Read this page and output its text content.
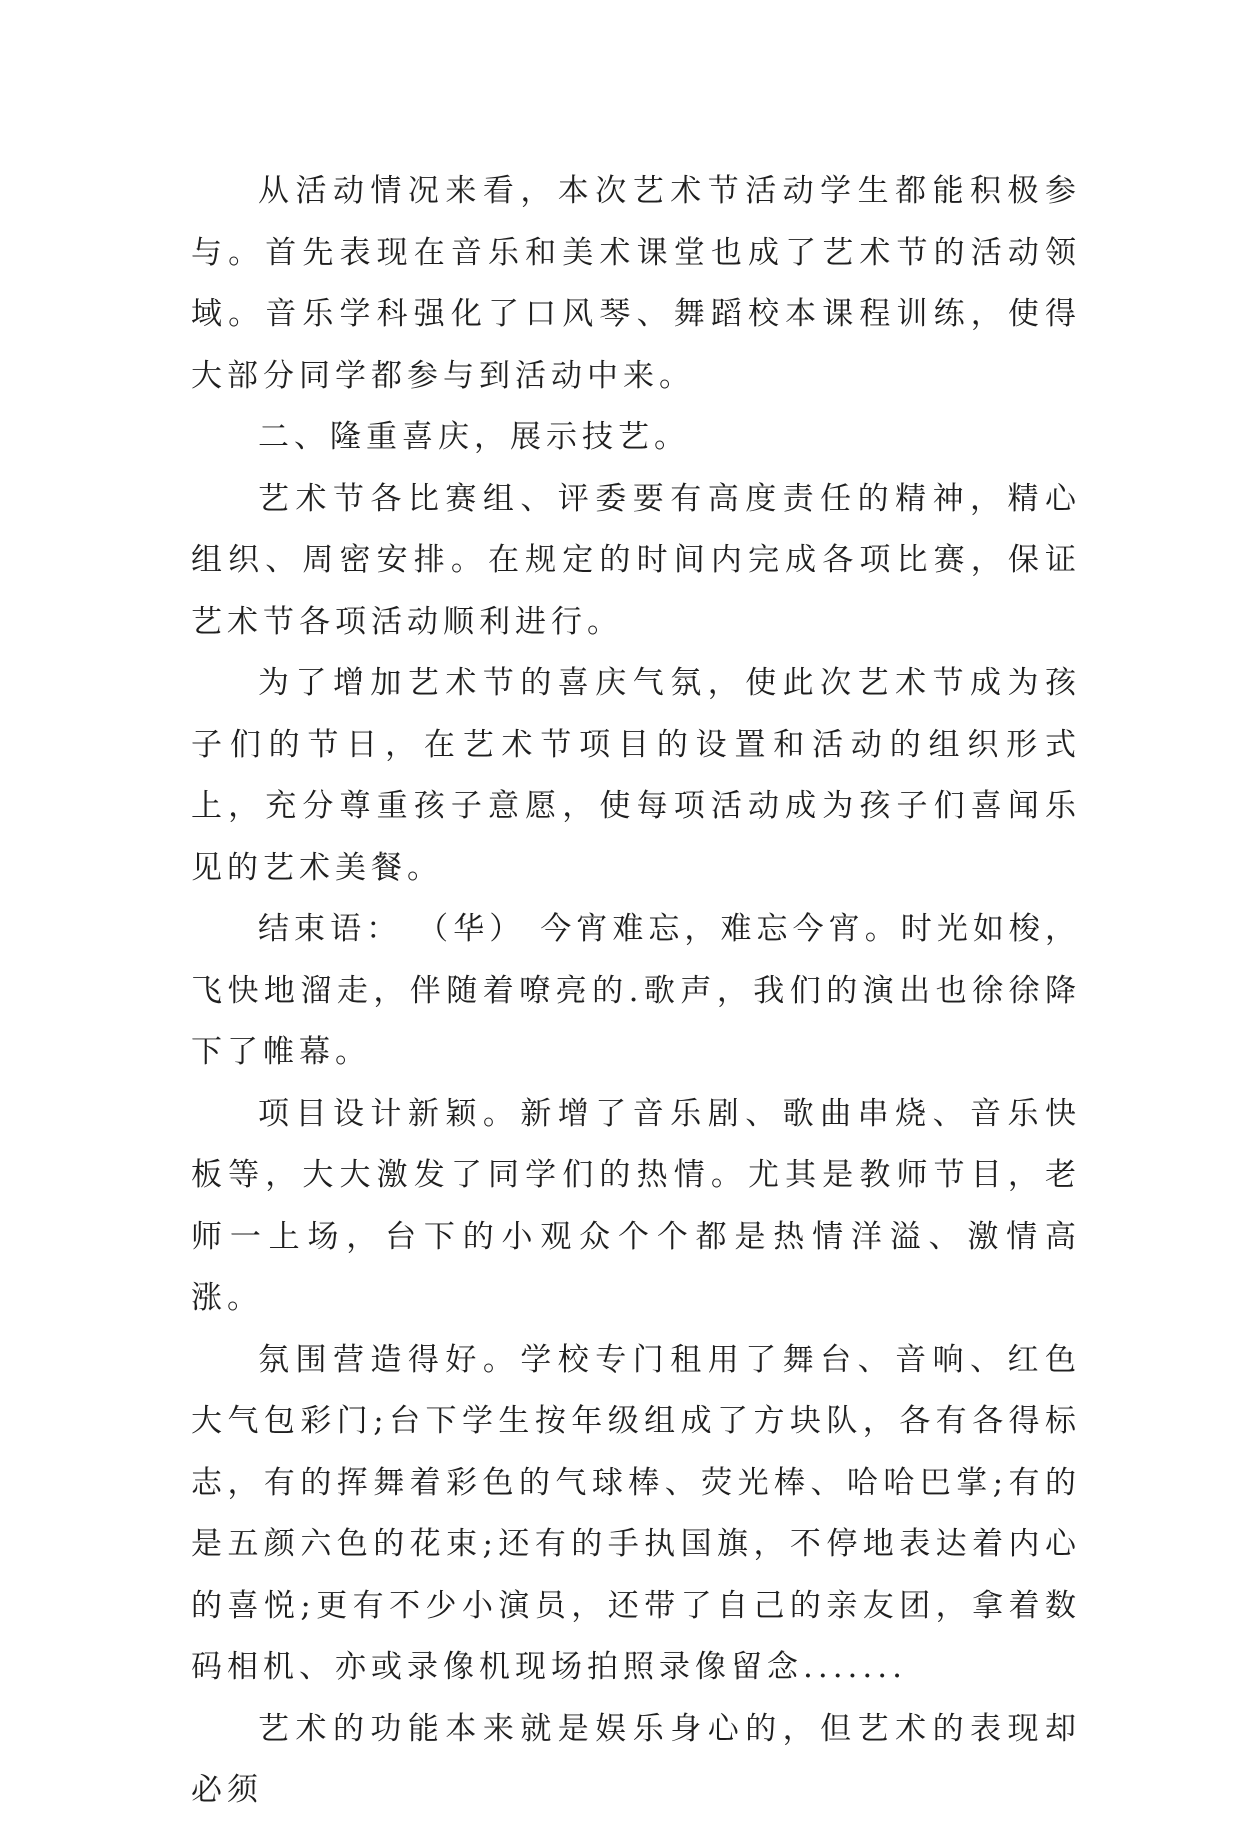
从活动情况来看，本次艺术节活动学生都能积极参与。首先表现在音乐和美术课堂也成了艺术节的活动领域。音乐学科强化了口风琴、舞蹈校本课程训练，使得大部分同学都参与到活动中来。

二、隆重喜庆，展示技艺。

艺术节各比赛组、评委要有高度责任的精神，精心组织、周密安排。在规定的时间内完成各项比赛，保证艺术节各项活动顺利进行。

为了增加艺术节的喜庆气氛，使此次艺术节成为孩子们的节日，在艺术节项目的设置和活动的组织形式上，充分尊重孩子意愿，使每项活动成为孩子们喜闻乐见的艺术美餐。

结束语： （华） 今宵难忘，难忘今宵。时光如梭，飞快地溜走，伴随着嘹亮的.歌声，我们的演出也徐徐降下了帷幕。

项目设计新颖。新增了音乐剧、歌曲串烧、音乐快板等，大大激发了同学们的热情。尤其是教师节目，老师一上场，台下的小观众个个都是热情洋溢、激情高涨。

氛围营造得好。学校专门租用了舞台、音响、红色大气包彩门;台下学生按年级组成了方块队，各有各得标志，有的挥舞着彩色的气球棒、荧光棒、哈哈巴掌;有的是五颜六色的花束;还有的手执国旗，不停地表达着内心的喜悦;更有不少小演员，还带了自己的亲友团，拿着数码相机、亦或录像机现场拍照录像留念.......

艺术的功能本来就是娱乐身心的，但艺术的表现却必须
